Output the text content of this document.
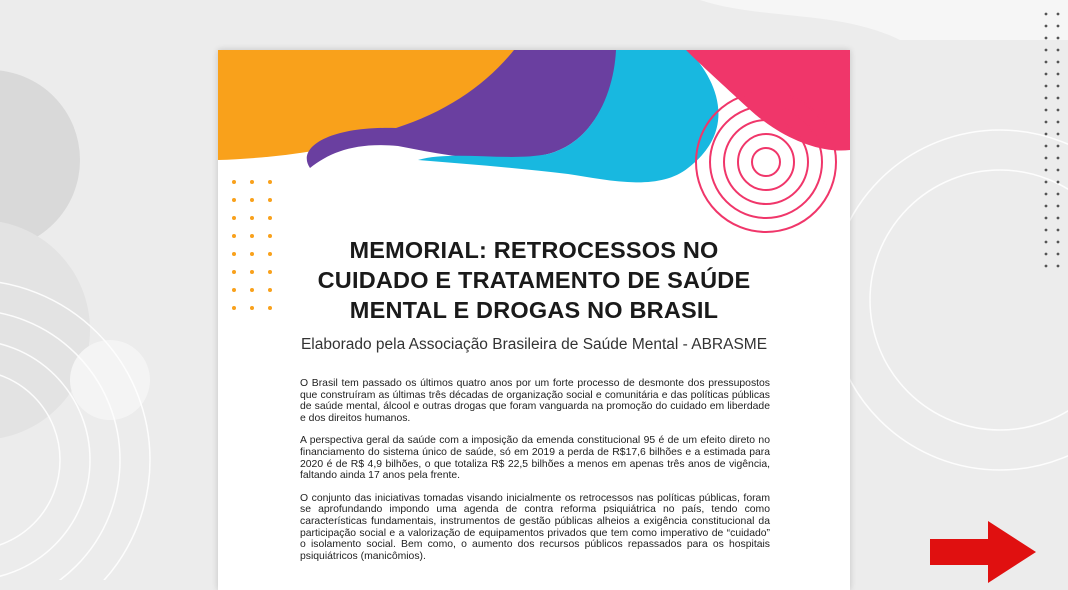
MEMORIAL: RETROCESSOS NO
CUIDADO E TRATAMENTO DE SAÚDE
MENTAL E DROGAS NO BRASIL

Elaborado pela Associação Brasileira de Saúde Mental - ABRASME

O Brasil tem passado os últimos quatro anos por um forte processo de desmonte dos pressupostos que construíram as últimas três décadas de organização social e comunitária e das políticas públicas de saúde mental, álcool e outras drogas que foram vanguarda na promoção do cuidado em liberdade e dos direitos humanos.

A perspectiva geral da saúde com a imposição da emenda constitucional 95 é de um efeito direto no financiamento do sistema único de saúde, só em 2019 a perda de R$17,6 bilhões e a estimada para 2020 é de R$ 4,9 bilhões, o que totaliza R$ 22,5 bilhões a menos em apenas três anos de vigência, faltando ainda 17 anos pela frente.

O conjunto das iniciativas tomadas visando inicialmente os retrocessos nas políticas públicas, foram se aprofundando impondo uma agenda de contra reforma psiquiátrica no país, tendo como características fundamentais, instrumentos de gestão públicas alheios a exigência constitucional da participação social e a valorização de equipamentos privados que tem como imperativo de “cuidado” o isolamento social. Bem como, o aumento dos recursos públicos repassados para os hospitais psiquiátricos (manicômios).
